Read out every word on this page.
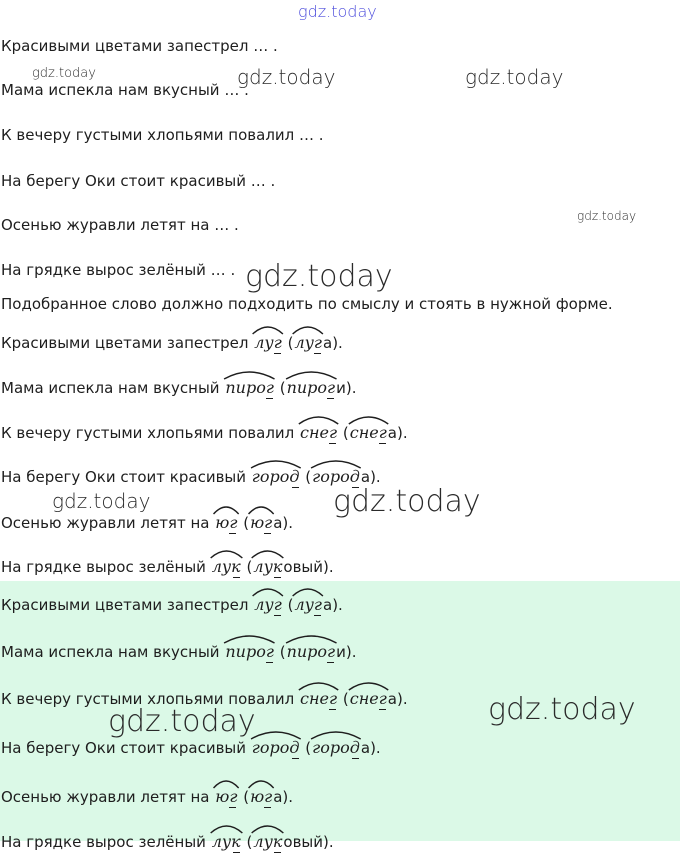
Красивыми цветами запестрел … .
Мама испекла нам вкусный … .
К вечеру густыми хлопьями повалил … .
На берегу Оки стоит красивый … .
Осенью журавли летят на … .
На грядке вырос зелёный … .
Подобранное слово должно подходить по смыслу и стоять в нужной форме.
Красивыми цветами запестрел луг (
луг
а).
Мама испекла нам вкусный пирог (
пирог
и).
К вечеру густыми хлопьями повалил снег (
снег
а).
На берегу Оки стоит красивый город (
город
а).
Осенью журавли летят на юг (
юг
а).
На грядке вырос зелёный лук (
лук
овый).
Красивыми цветами запестрел луг (
луг
а).
Мама испекла нам вкусный пирог (
пирог
и).
К вечеру густыми хлопьями повалил снег (
снег
а).
На берегу Оки стоит красивый город (
город
а).
Осенью журавли летят на юг (
юг
а).
На грядке вырос зелёный лук (
лук
овый).
gdz.today
gdz.today	gdz.today	gdz.today
gdz.today
gdz.today
gdz.today	gdz.today
gdz.today	gdz.today
